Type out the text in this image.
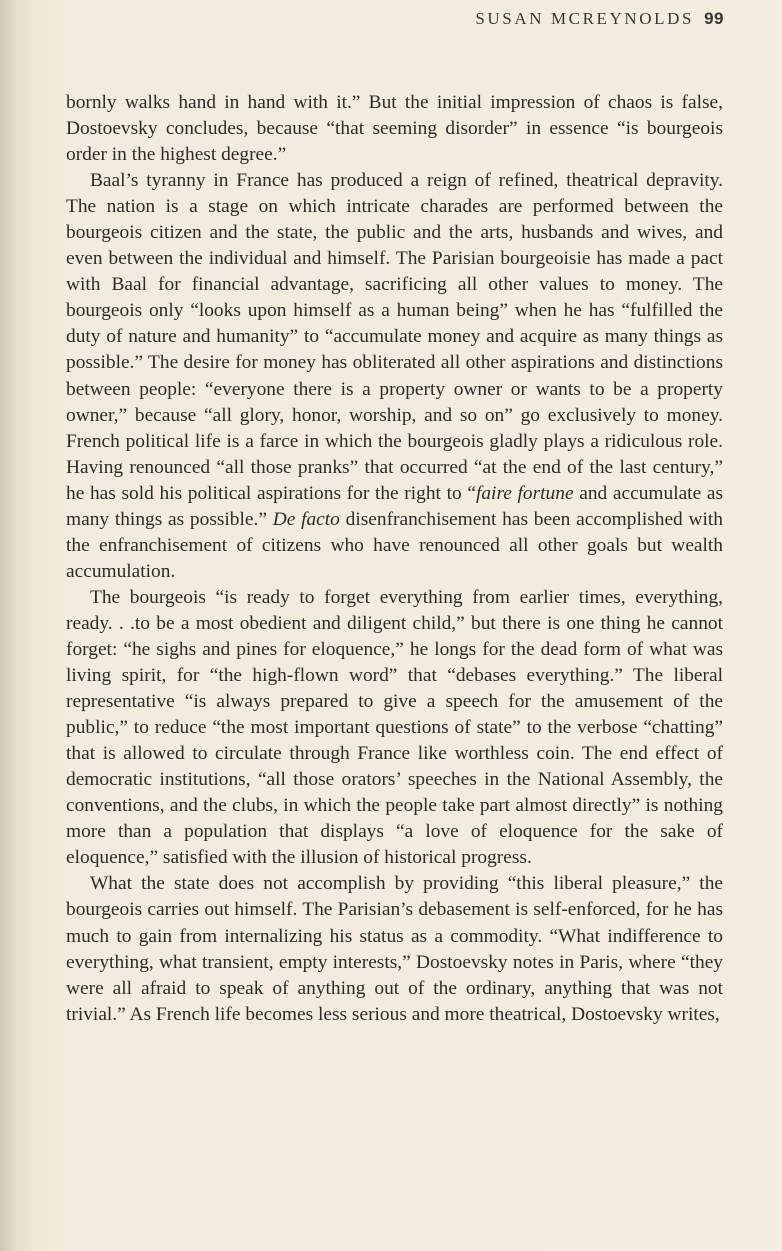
SUSAN MCREYNOLDS 99

bornly walks hand in hand with it.” But the initial impression of chaos is false, Dostoevsky concludes, because “that seeming disorder” in essence “is bourgeois order in the highest degree.”

Baal’s tyranny in France has produced a reign of refined, theatrical depravity. The nation is a stage on which intricate charades are performed between the bourgeois citizen and the state, the public and the arts, husbands and wives, and even between the individual and himself. The Parisian bourgeoisie has made a pact with Baal for financial advantage, sacrificing all other values to money. The bourgeois only “looks upon himself as a human being” when he has “fulfilled the duty of nature and humanity” to “accumulate money and acquire as many things as possible.” The desire for money has obliterated all other aspirations and distinctions between people: “everyone there is a property owner or wants to be a property owner,” because “all glory, honor, worship, and so on” go exclusively to money. French political life is a farce in which the bourgeois gladly plays a ridiculous role. Having renounced “all those pranks” that occurred “at the end of the last century,” he has sold his political aspirations for the right to “faire fortune and accumulate as many things as possible.” De facto disenfranchisement has been accomplished with the enfranchisement of citizens who have renounced all other goals but wealth accumulation.

The bourgeois “is ready to forget everything from earlier times, everything, ready. . .to be a most obedient and diligent child,” but there is one thing he cannot forget: “he sighs and pines for eloquence,” he longs for the dead form of what was living spirit, for “the high-flown word” that “debases everything.” The liberal representative “is always prepared to give a speech for the amusement of the public,” to reduce “the most important questions of state” to the verbose “chatting” that is allowed to circulate through France like worthless coin. The end effect of democratic institutions, “all those orators’ speeches in the National Assembly, the conventions, and the clubs, in which the people take part almost directly” is nothing more than a population that displays “a love of eloquence for the sake of eloquence,” satisfied with the illusion of historical progress.

What the state does not accomplish by providing “this liberal pleasure,” the bourgeois carries out himself. The Parisian’s debasement is self-enforced, for he has much to gain from internalizing his status as a commodity. “What indifference to everything, what transient, empty interests,” Dostoevsky notes in Paris, where “they were all afraid to speak of anything out of the ordinary, anything that was not trivial.” As French life becomes less serious and more theatrical, Dostoevsky writes,
